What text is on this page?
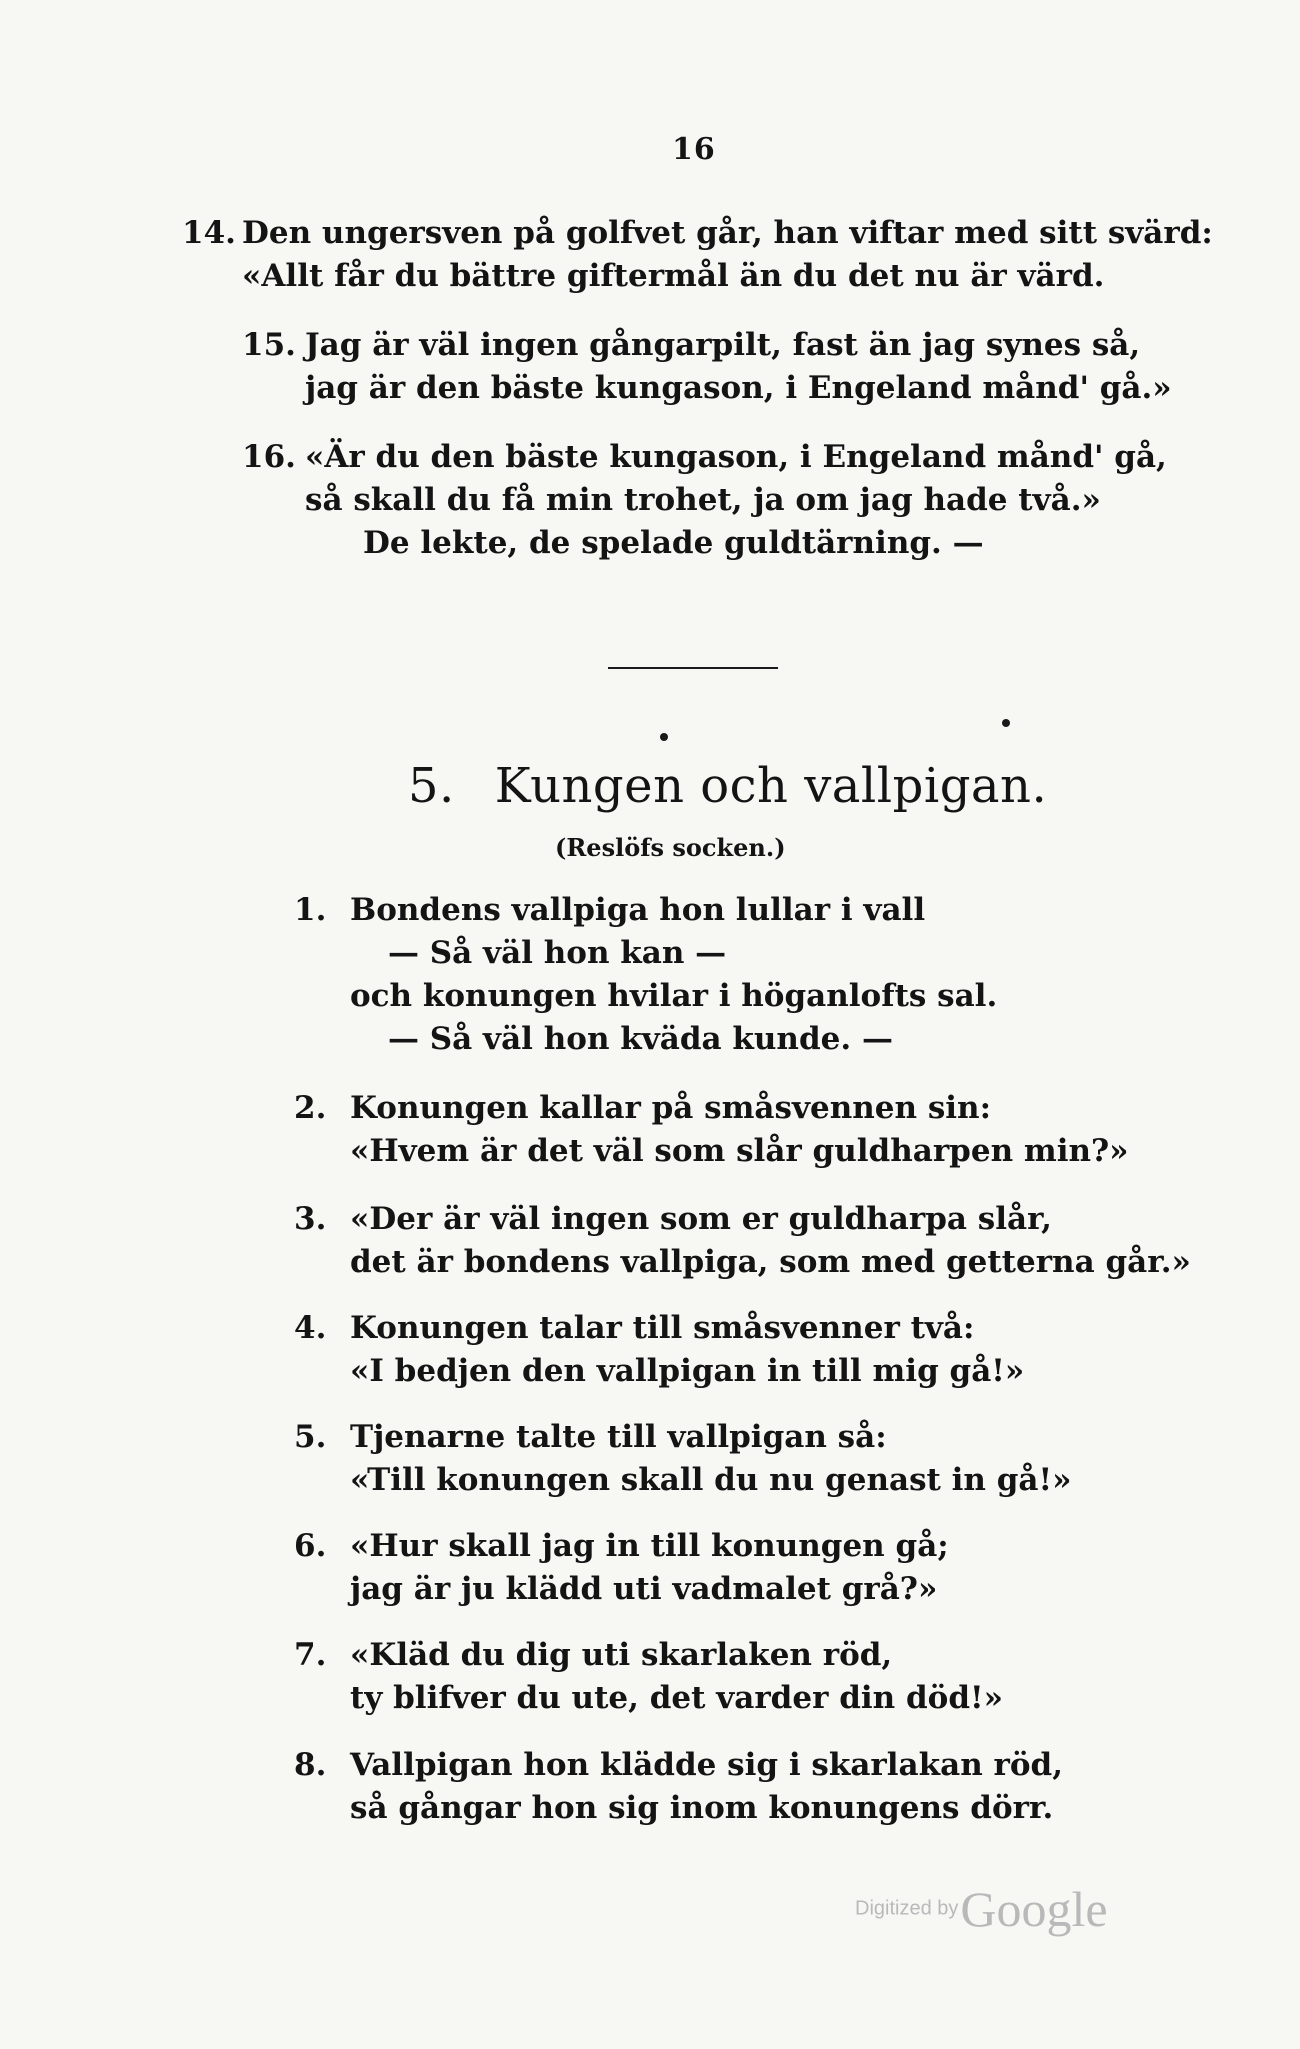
16
14. Den ungersven på golfvet går, han viftar med sitt svärd:
«Allt får du bättre giftermål än du det nu är värd.
15. Jag är väl ingen gångarpilt, fast än jag synes så,
jag är den bäste kungason, i Engeland månd' gå.»
16. «Är du den bäste kungason, i Engeland månd' gå,
så skall du få min trohet, ja om jag hade två.»
De lekte, de spelade guldtärning. —
5. Kungen och vallpigan.
(Reslöfs socken.)
1. Bondens vallpiga hon lullar i vall
— Så väl hon kan —
och konungen hvilar i höganlofts sal.
— Så väl hon kväda kunde. —
2. Konungen kallar på småsvennen sin:
«Hvem är det väl som slår guldharpen min?»
3. «Der är väl ingen som er guldharpa slår,
det är bondens vallpiga, som med getterna går.»
4. Konungen talar till småsvenner två:
«I bedjen den vallpigan in till mig gå!»
5. Tjenarne talte till vallpigan så:
«Till konungen skall du nu genast in gå!»
6. «Hur skall jag in till konungen gå;
jag är ju klädd uti vadmalet grå?»
7. «Kläd du dig uti skarlaken röd,
ty blifver du ute, det varder din död!»
8. Vallpigan hon klädde sig i skarlakan röd,
så gångar hon sig inom konungens dörr.
Digitized byGoogle
